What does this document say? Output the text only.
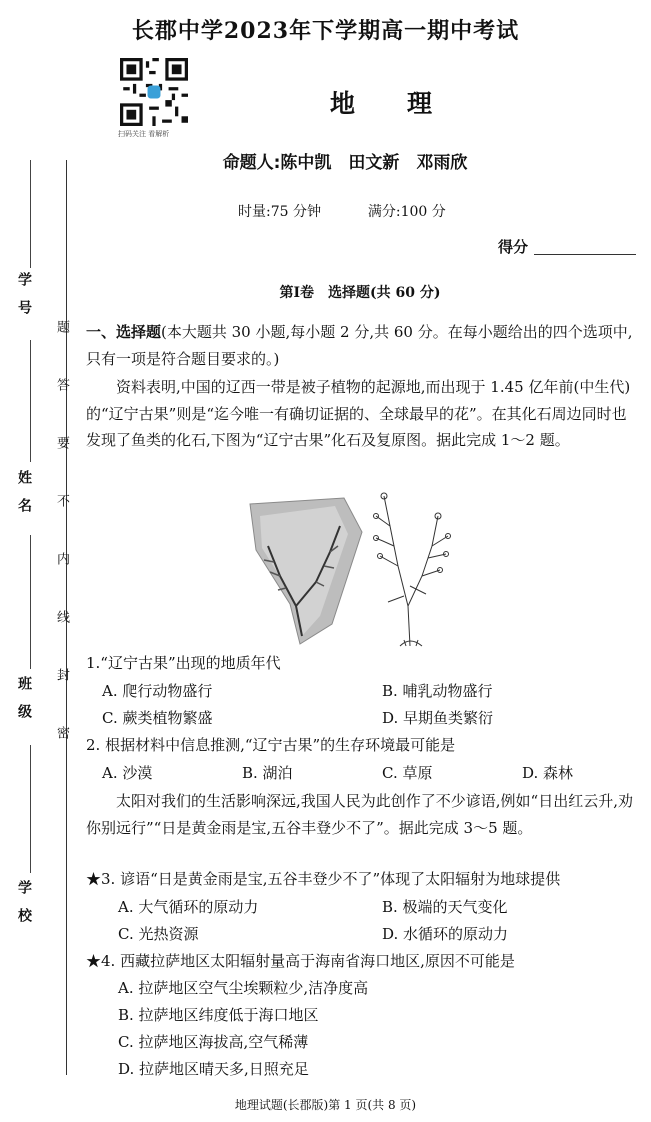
学　号
姓　名
班　级
学　校
题
答
要
不
内
线
封
密
长郡中学2023年下学期高一期中考试
扫码关注 看解析
地理
命题人:陈中凯　田文新　邓雨欣
时量:75 分钟	满分:100 分
得分
第Ⅰ卷　选择题(共 60 分)
一、选择题(本大题共 30 小题,每小题 2 分,共 60 分。在每小题给出的四个选项中,只有一项是符合题目要求的。)
资料表明,中国的辽西一带是被子植物的起源地,而出现于 1.45 亿年前(中生代)的“辽宁古果”则是“迄今唯一有确切证据的、全球最早的花”。在其化石周边同时也发现了鱼类的化石,下图为“辽宁古果”化石及复原图。据此完成 1～2 题。
1.“辽宁古果”出现的地质年代
A. 爬行动物盛行	B. 哺乳动物盛行
C. 蕨类植物繁盛	D. 早期鱼类繁衍
2. 根据材料中信息推测,“辽宁古果”的生存环境最可能是
A. 沙漠	B. 湖泊	C. 草原	D. 森林
太阳对我们的生活影响深远,我国人民为此创作了不少谚语,例如“日出红云升,劝你别远行”“日是黄金雨是宝,五谷丰登少不了”。据此完成 3～5 题。
★3. 谚语“日是黄金雨是宝,五谷丰登少不了”体现了太阳辐射为地球提供
A. 大气循环的原动力	B. 极端的天气变化
C. 光热资源	D. 水循环的原动力
★4. 西藏拉萨地区太阳辐射量高于海南省海口地区,原因不可能是
A. 拉萨地区空气尘埃颗粒少,洁净度高
B. 拉萨地区纬度低于海口地区
C. 拉萨地区海拔高,空气稀薄
D. 拉萨地区晴天多,日照充足
地理试题(长郡版)第 1 页(共 8 页)
